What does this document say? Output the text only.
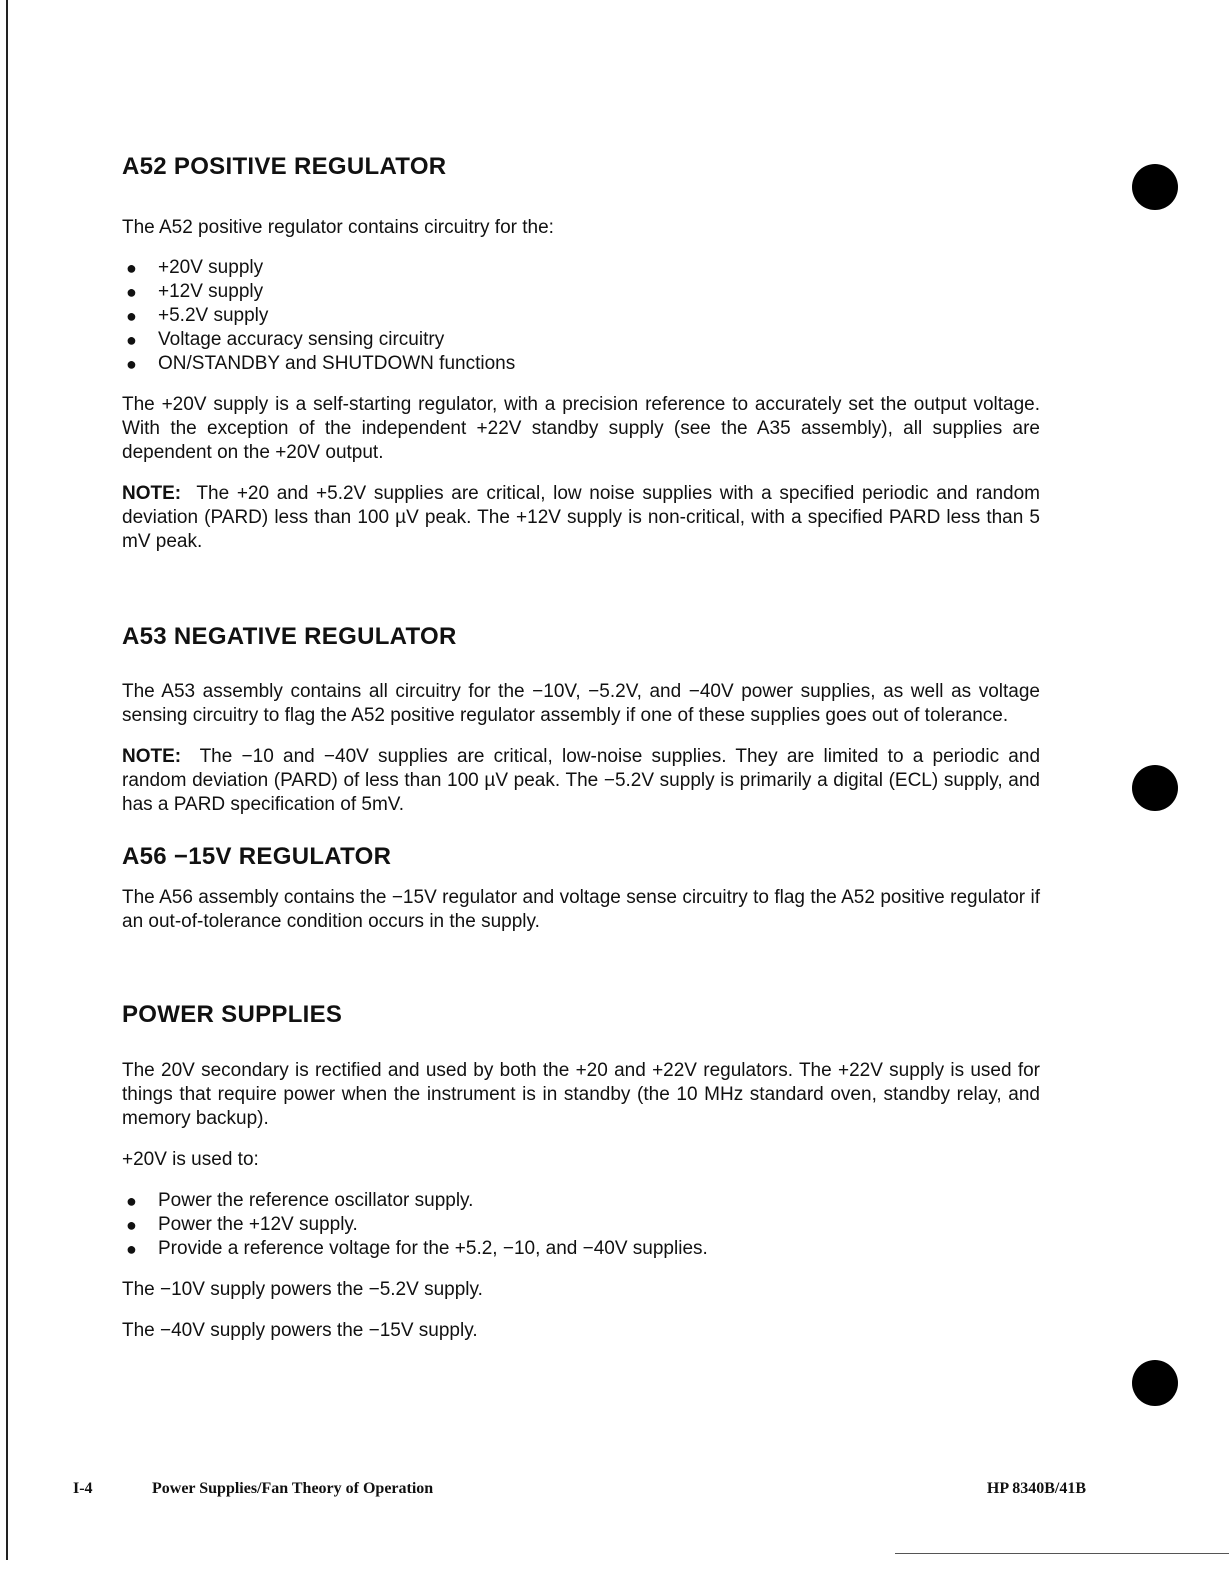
A52 POSITIVE REGULATOR

The A52 positive regulator contains circuitry for the:

● +20V supply
● +12V supply
● +5.2V supply
● Voltage accuracy sensing circuitry
● ON/STANDBY and SHUTDOWN functions

The +20V supply is a self-starting regulator, with a precision reference to accurately set the output voltage. With the exception of the independent +22V standby supply (see the A35 assembly), all supplies are dependent on the +20V output.

NOTE: The +20 and +5.2V supplies are critical, low noise supplies with a specified periodic and random deviation (PARD) less than 100 µV peak. The +12V supply is non-critical, with a specified PARD less than 5 mV peak.

A53 NEGATIVE REGULATOR

The A53 assembly contains all circuitry for the −10V, −5.2V, and −40V power supplies, as well as voltage sensing circuitry to flag the A52 positive regulator assembly if one of these supplies goes out of tolerance.

NOTE: The −10 and −40V supplies are critical, low-noise supplies. They are limited to a periodic and random deviation (PARD) of less than 100 µV peak. The −5.2V supply is primarily a digital (ECL) supply, and has a PARD specification of 5mV.

A56 −15V REGULATOR

The A56 assembly contains the −15V regulator and voltage sense circuitry to flag the A52 positive regulator if an out-of-tolerance condition occurs in the supply.

POWER SUPPLIES

The 20V secondary is rectified and used by both the +20 and +22V regulators. The +22V supply is used for things that require power when the instrument is in standby (the 10 MHz standard oven, standby relay, and memory backup).

+20V is used to:

● Power the reference oscillator supply.
● Power the +12V supply.
● Provide a reference voltage for the +5.2, −10, and −40V supplies.

The −10V supply powers the −5.2V supply.

The −40V supply powers the −15V supply.

I-4	Power Supplies/Fan Theory of Operation	HP 8340B/41B
